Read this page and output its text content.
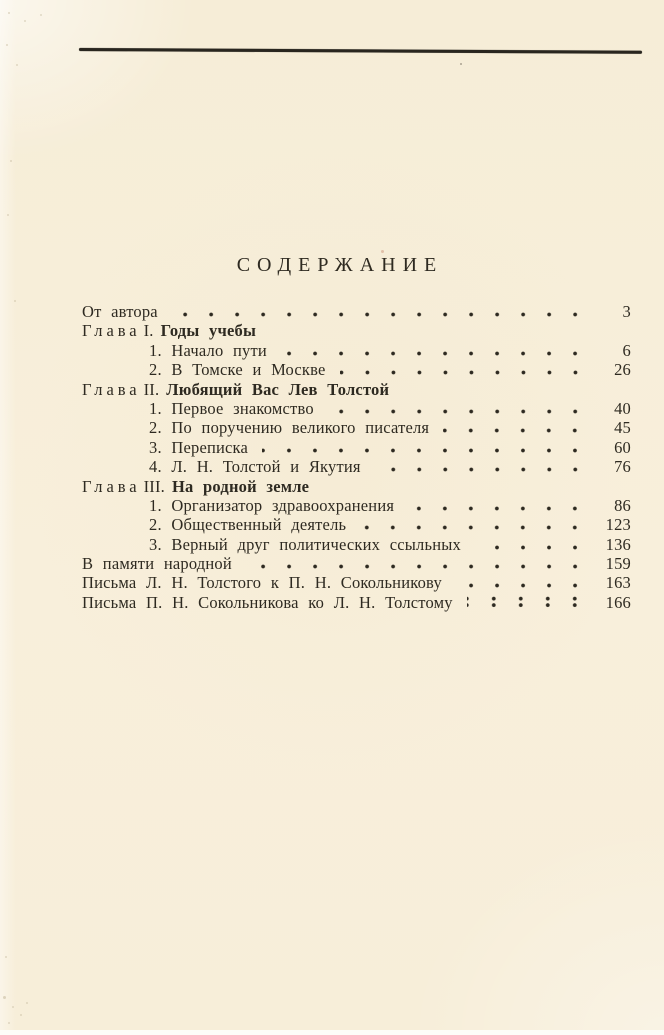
СОДЕРЖАНИЕ
От автора	3
Глава I. Годы учебы
1. Начало пути	6
2. В Томске и Москве	26
Глава II. Любящий Вас Лев Толстой
1. Первое знакомство	40
2. По поручению великого писателя	45
3. Переписка	60
4. Л. Н. Толстой и Якутия	76
Глава III. На родной земле
1. Организатор здравоохранения	86
2. Общественный деятель	123
3. Верный друг политических ссыльных	136
В памяти народной	159
Письма Л. Н. Толстого к П. Н. Сокольникову	163
Письма П. Н. Сокольникова ко Л. Н. Толстому	166
